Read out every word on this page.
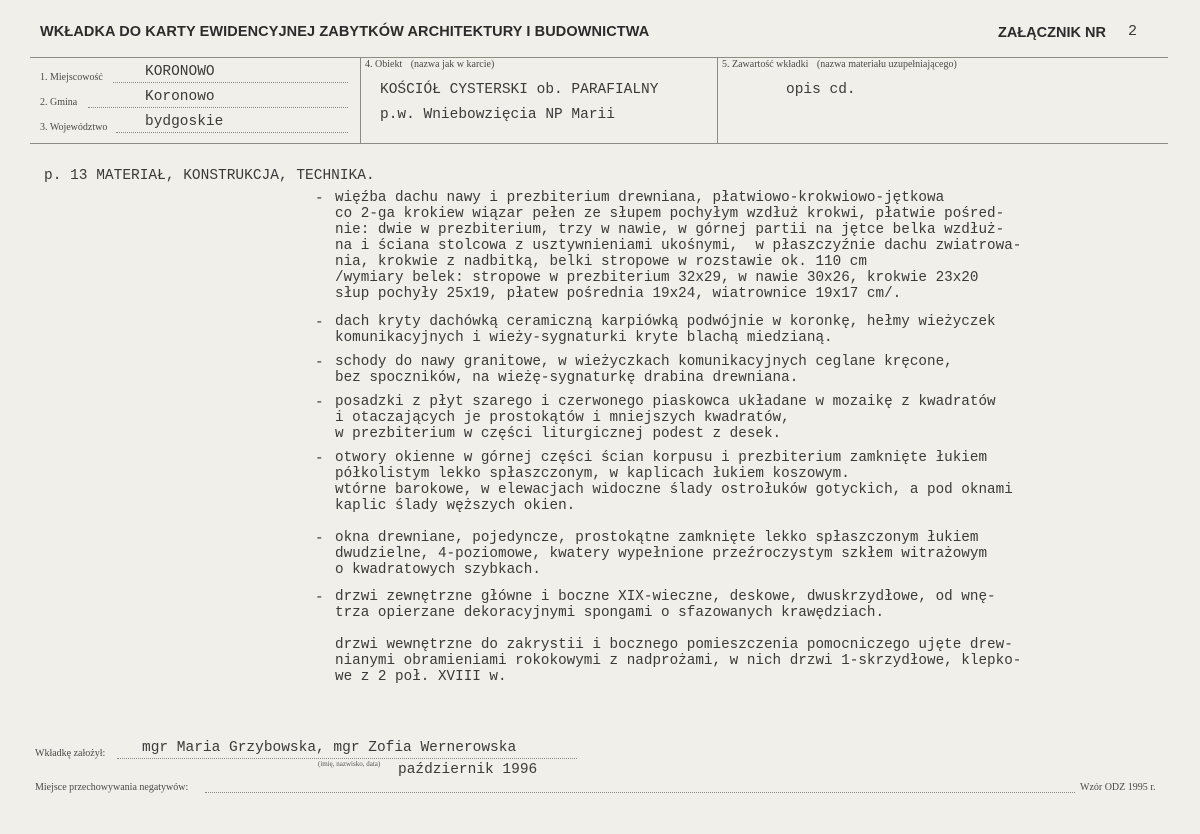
WKŁADKA DO KARTY EWIDENCYJNEJ ZABYTKÓW ARCHITEKTURY I BUDOWNICTWA	ZAŁĄCZNIK NR 2
1. Miejscowość	KORONOWO
2. Gmina	Koronowo
3. Województwo	bydgoskie
4. Obiekt (nazwa jak w karcie)
KOŚCIÓŁ CYSTERSKI ob. PARAFIALNY
p.w. Wniebowzięcia NP Marii
5. Zawartość wkładki (nazwa materiału uzupełniającego)
opis cd.
p. 13 MATERIAŁ, KONSTRUKCJA, TECHNIKA.
- więźba dachu nawy i prezbiterium drewniana, płatwiowo-krokwiowo-jętkowa
co 2-ga krokiew wiązar pełen ze słupem pochyłym wzdłuż krokwi, płatwie pośred-
nie: dwie w prezbiterium, trzy w nawie, w górnej partii na jętce belka wzdłuż-
na i ściana stolcowa z usztywnieniami ukośnymi,  w płaszczyźnie dachu zwiatrowa-
nia, krokwie z nadbitką, belki stropowe w rozstawie ok. 110 cm
/wymiary belek: stropowe w prezbiterium 32x29, w nawie 30x26, krokwie 23x20
słup pochyły 25x19, płatew pośrednia 19x24, wiatrownice 19x17 cm/.
- dach kryty dachówką ceramiczną karpiówką podwójnie w koronkę, hełmy wieżyczek
komunikacyjnych i wieży-sygnaturki kryte blachą miedzianą.
- schody do nawy granitowe, w wieżyczkach komunikacyjnych ceglane kręcone,
bez spoczników, na wieżę-sygnaturkę drabina drewniana.
- posadzki z płyt szarego i czerwonego piaskowca układane w mozaikę z kwadratów
i otaczających je prostokątów i mniejszych kwadratów,
w prezbiterium w części liturgicznej podest z desek.
- otwory okienne w górnej części ścian korpusu i prezbiterium zamknięte łukiem
półkolistym lekko spłaszczonym, w kaplicach łukiem koszowym.
wtórne barokowe, w elewacjach widoczne ślady ostrołuków gotyckich, a pod oknami
kaplic ślady węższych okien.
- okna drewniane, pojedyncze, prostokątne zamknięte lekko spłaszczonym łukiem
dwudzielne, 4-poziomowe, kwatery wypełnione przeźroczystym szkłem witrażowym
o kwadratowych szybkach.
- drzwi zewnętrzne główne i boczne XIX-wieczne, deskowe, dwuskrzydłowe, od wnę-
trza opierzane dekoracyjnymi spongami o sfazowanych krawędziach.
drzwi wewnętrzne do zakrystii i bocznego pomieszczenia pomocniczego ujęte drew-
nianymi obramieniami rokokowymi z nadprożami, w nich drzwi 1-skrzydłowe, klepko-
we z 2 poł. XVIII w.
Wkładkę założył:	mgr Maria Grzybowska, mgr Zofia Wernerowska
(imię, nazwisko, data) październik 1996
Miejsce przechowywania negatywów:	Wzór ODZ 1995 r.
